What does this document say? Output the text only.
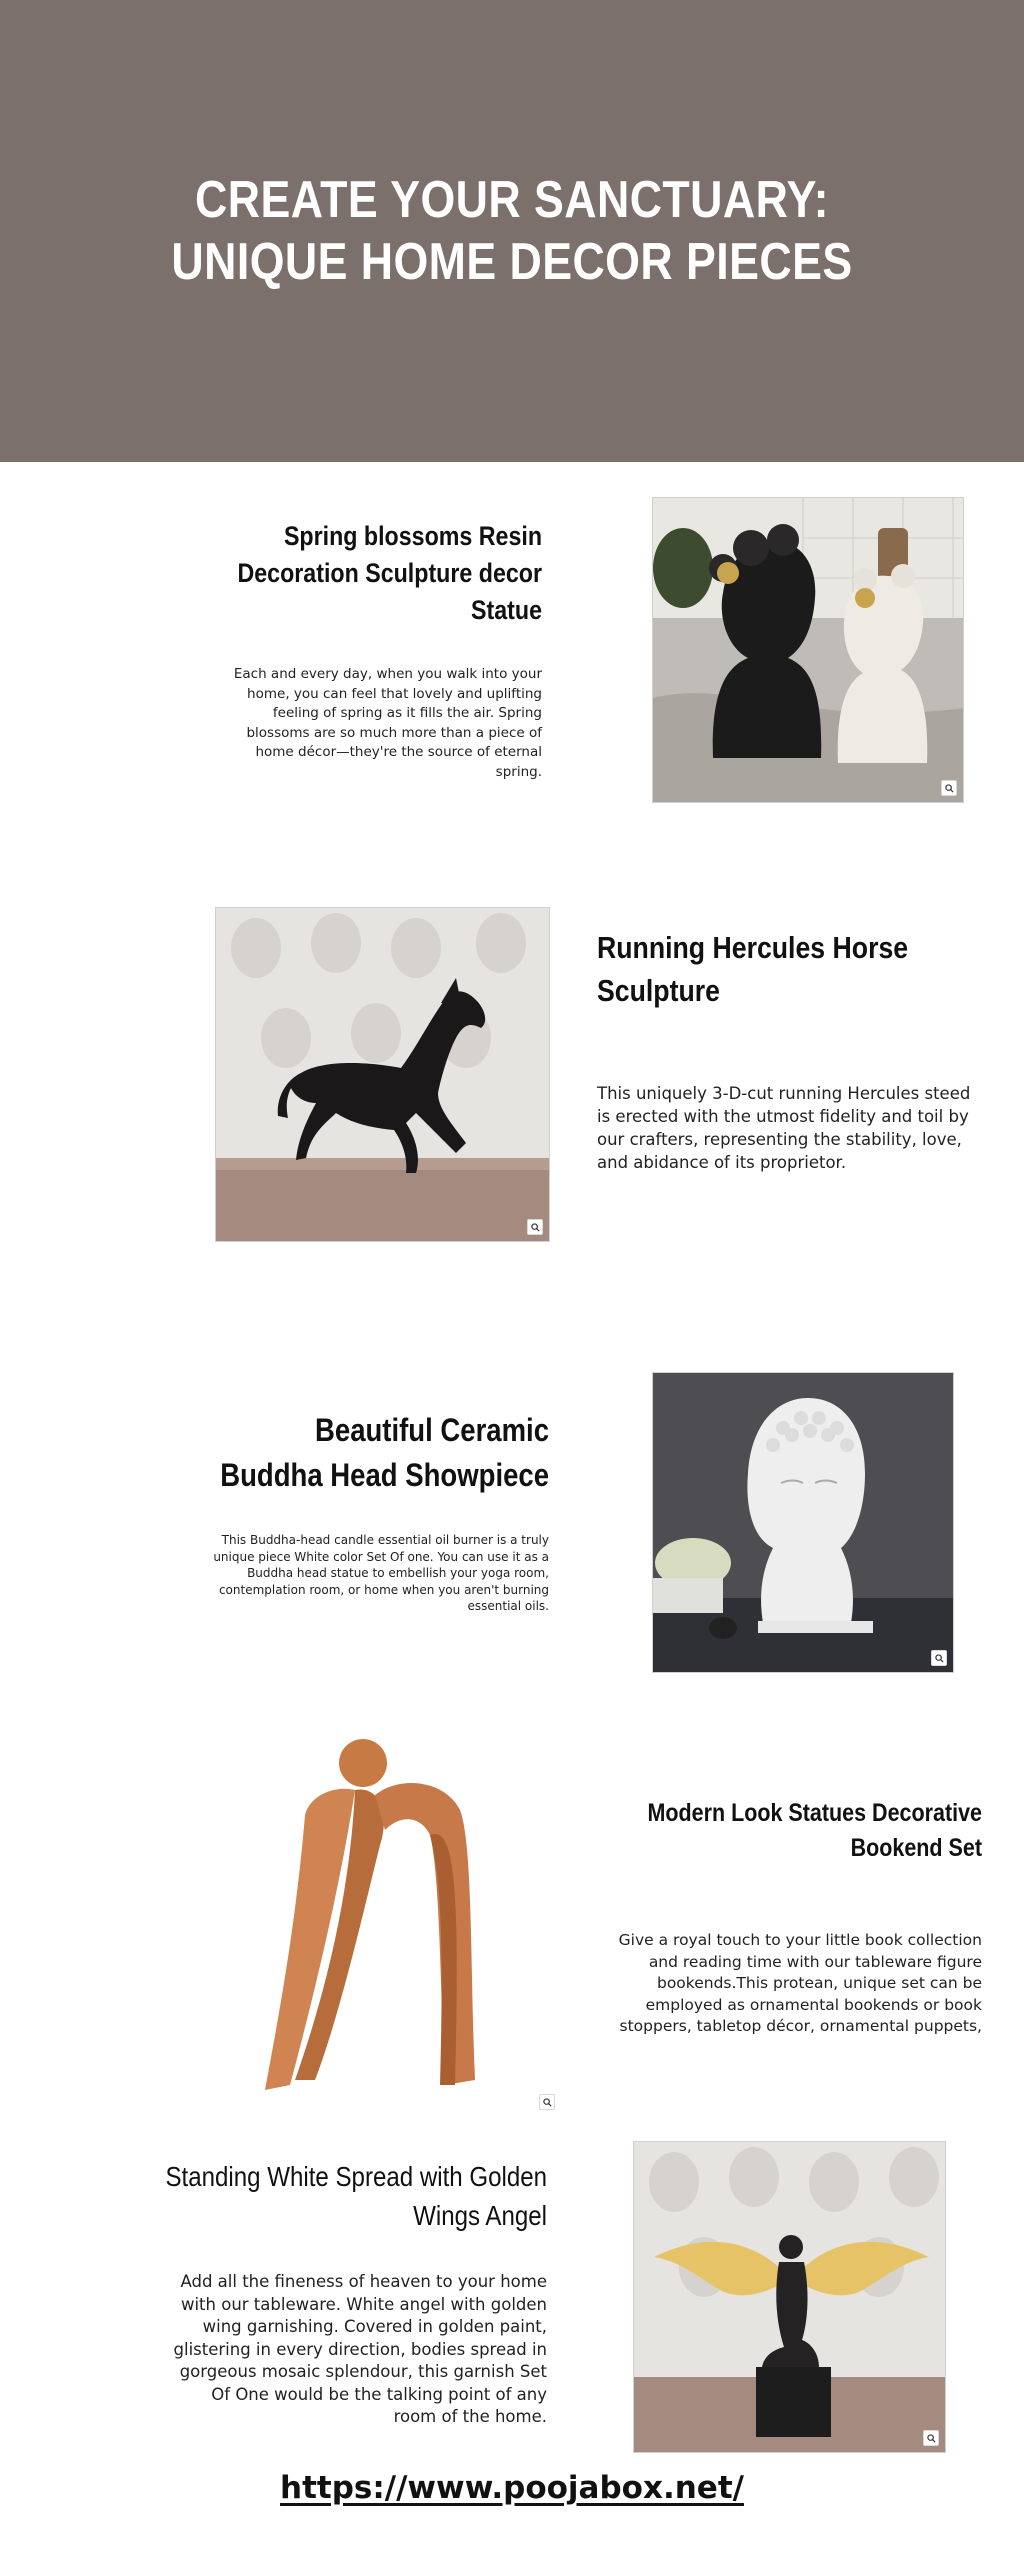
CREATE YOUR SANCTUARY: UNIQUE HOME DECOR PIECES
Spring blossoms Resin Decoration Sculpture decor Statue

Each and every day, when you walk into your home, you can feel that lovely and uplifting feeling of spring as it fills the air. Spring blossoms are so much more than a piece of home décor—they're the source of eternal spring.

Running Hercules Horse Sculpture

This uniquely 3-D-cut running Hercules steed is erected with the utmost fidelity and toil by our crafters, representing the stability, love, and abidance of its proprietor.

Beautiful Ceramic Buddha Head Showpiece

This Buddha-head candle essential oil burner is a truly unique piece White color Set Of one. You can use it as a Buddha head statue to embellish your yoga room, contemplation room, or home when you aren't burning essential oils.

Modern Look Statues Decorative Bookend Set

Give a royal touch to your little book collection and reading time with our tableware figure bookends.This protean, unique set can be employed as ornamental bookends or book stoppers, tabletop décor, ornamental puppets,

Standing White Spread with Golden Wings Angel

Add all the fineness of heaven to your home with our tableware. White angel with golden wing garnishing. Covered in golden paint, glistering in every direction, bodies spread in gorgeous mosaic splendour, this garnish Set Of One would be the talking point of any room of the home.

https://www.poojabox.net/
